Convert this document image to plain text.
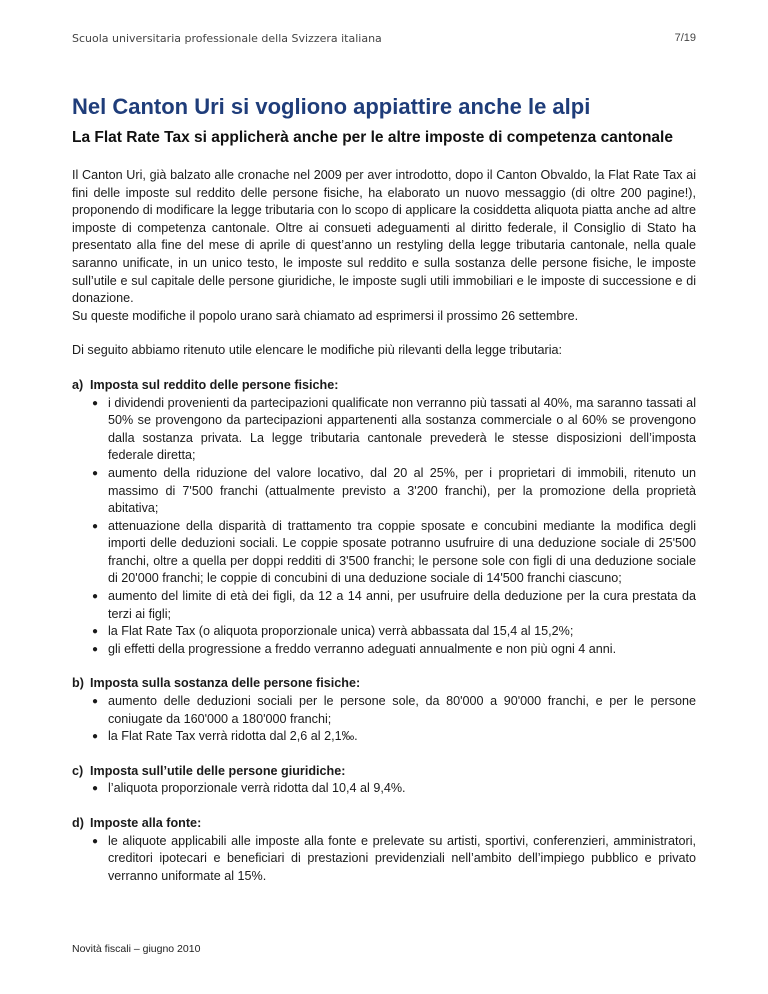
Scuola universitaria professionale della Svizzera italiana	7/19
Nel Canton Uri si vogliono appiattire anche le alpi
La Flat Rate Tax si applicherà anche per le altre imposte di competenza cantonale

Il Canton Uri, già balzato alle cronache nel 2009 per aver introdotto, dopo il Canton Obvaldo, la Flat Rate Tax ai fini delle imposte sul reddito delle persone fisiche, ha elaborato un nuovo messaggio (di oltre 200 pagine!), proponendo di modificare la legge tributaria con lo scopo di applicare la cosiddetta aliquota piatta anche ad altre imposte di competenza cantonale. Oltre ai consueti adeguamenti al diritto federale, il Consiglio di Stato ha presentato alla fine del mese di aprile di quest’anno un restyling della legge tributaria cantonale, nella quale saranno unificate, in un unico testo, le imposte sul reddito e sulla sostanza delle persone fisiche, le imposte sull’utile e sul capitale delle persone giuridiche, le imposte sugli utili immobiliari e le imposte di successione e di donazione.

Su queste modifiche il popolo urano sarà chiamato ad esprimersi il prossimo 26 settembre.

Di seguito abbiamo ritenuto utile elencare le modifiche più rilevanti della legge tributaria:

a) Imposta sul reddito delle persone fisiche:
● i dividendi provenienti da partecipazioni qualificate non verranno più tassati al 40%, ma saranno tassati al 50% se provengono da partecipazioni appartenenti alla sostanza commerciale o al 60% se provengono dalla sostanza privata. La legge tributaria cantonale prevederà le stesse disposizioni dell’imposta federale diretta;
● aumento della riduzione del valore locativo, dal 20 al 25%, per i proprietari di immobili, ritenuto un massimo di 7'500 franchi (attualmente previsto a 3'200 franchi), per la promozione della proprietà abitativa;
● attenuazione della disparità di trattamento tra coppie sposate e concubini mediante la modifica degli importi delle deduzioni sociali. Le coppie sposate potranno usufruire di una deduzione sociale di 25'500 franchi, oltre a quella per doppi redditi di 3'500 franchi; le persone sole con figli di una deduzione sociale di 20'000 franchi; le coppie di concubini di una deduzione sociale di 14'500 franchi ciascuno;
● aumento del limite di età dei figli, da 12 a 14 anni, per usufruire della deduzione per la cura prestata da terzi ai figli;
● la Flat Rate Tax (o aliquota proporzionale unica) verrà abbassata dal 15,4 al 15,2%;
● gli effetti della progressione a freddo verranno adeguati annualmente e non più ogni 4 anni.
b) Imposta sulla sostanza delle persone fisiche:
● aumento delle deduzioni sociali per le persone sole, da 80'000 a 90'000 franchi, e per le persone coniugate da 160'000 a 180'000 franchi;
● la Flat Rate Tax verrà ridotta dal 2,6 al 2,1‰.
c) Imposta sull’utile delle persone giuridiche:
● l’aliquota proporzionale verrà ridotta dal 10,4 al 9,4%.
d) Imposte alla fonte:
● le aliquote applicabili alle imposte alla fonte e prelevate su artisti, sportivi, conferenzieri, amministratori, creditori ipotecari e beneficiari di prestazioni previdenziali nell’ambito dell’impiego pubblico e privato verranno uniformate al 15%.
Novità fiscali – giugno 2010
